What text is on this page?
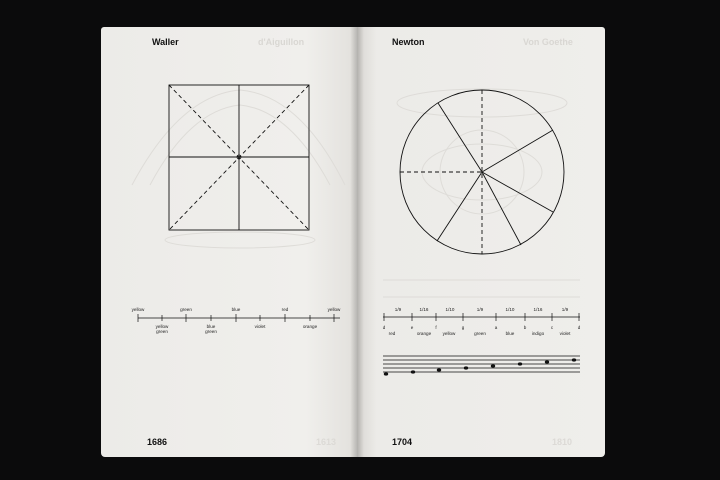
Waller	d'Aiguillon	Newton	Von Goethe
yellow	green	blue	red	yellow
yellow
green
blue
green
violet	orange
1/9	1/16	1/10	1/9	1/10	1/16	1/9
d	e	f	g	a	b	c	d
red	orange yellow	green	blue	indigo	violet
1686	1613	1704	1810
